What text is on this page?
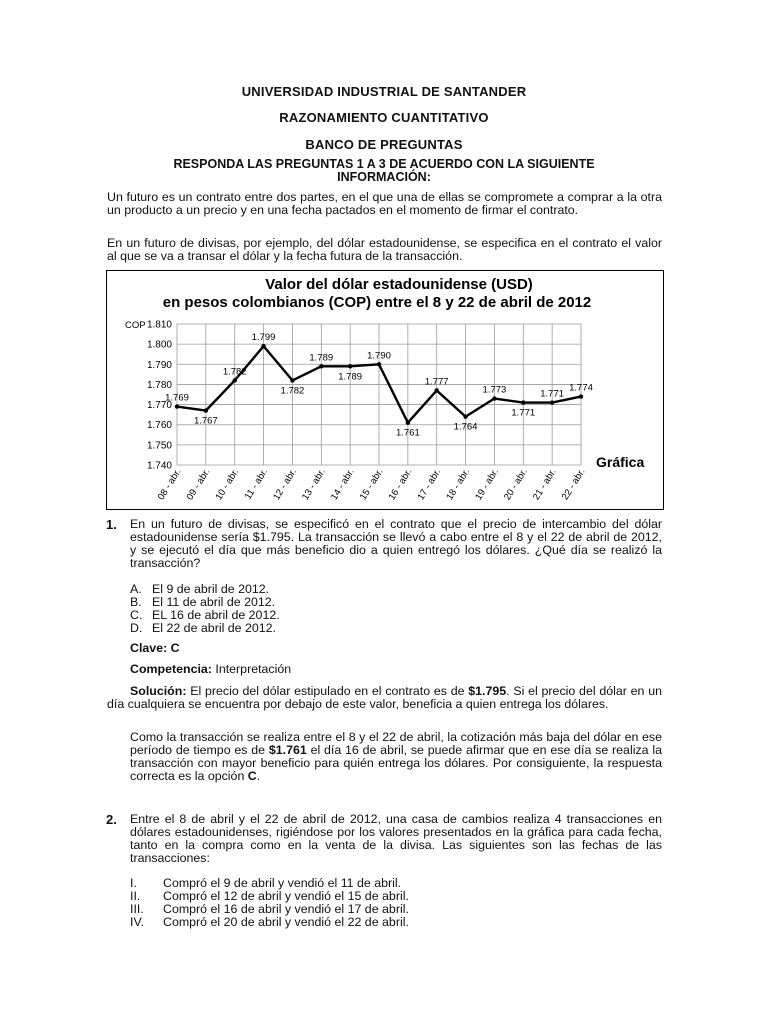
UNIVERSIDAD INDUSTRIAL DE SANTANDER
RAZONAMIENTO CUANTITATIVO
BANCO DE PREGUNTAS
RESPONDA LAS PREGUNTAS 1 A 3 DE ACUERDO CON LA SIGUIENTE INFORMACIÓN:
Un futuro es un contrato entre dos partes, en el que una de ellas se compromete a comprar a la otra un producto a un precio y en una fecha pactados en el momento de firmar el contrato.
En un futuro de divisas, por ejemplo, del dólar estadounidense, se especifica en el contrato el valor al que se va a transar el dólar y la fecha futura de la transacción.
Valor del dólar estadounidense (USD)
en pesos colombianos (COP) entre el 8 y 22 de abril de 2012
COP
Gráfica
1.740
1.750
1.760
1.770
1.780
1.790
1.800
1.810
08 - abr. 09 - abr. 10 - abr. 11 - abr. 12 - abr. 13 - abr. 14 - abr. 15 - abr. 16 - abr. 17 - abr. 18 - abr. 19 - abr. 20 - abr. 21 - abr. 22 - abr.
1.769
1.767
1.782
1.799
1.782
1.789
1.789
1.790
1.761
1.777
1.764
1.773
1.771
1.771
1.774
1. En un futuro de divisas, se especificó en el contrato que el precio de intercambio del dólar estadounidense sería $1.795. La transacción se llevó a cabo entre el 8 y el 22 de abril de 2012, y se ejecutó el día que más beneficio dio a quien entregó los dólares. ¿Qué día se realizó la transacción?
A. El 9 de abril de 2012.
B. El 11 de abril de 2012.
C. EL 16 de abril de 2012.
D. El 22 de abril de 2012.
Clave: C
Competencia: Interpretación
Solución: El precio del dólar estipulado en el contrato es de $1.795. Si el precio del dólar en un día cualquiera se encuentra por debajo de este valor, beneficia a quien entrega los dólares.
Como la transacción se realiza entre el 8 y el 22 de abril, la cotización más baja del dólar en ese período de tiempo es de $1.761 el día 16 de abril, se puede afirmar que en ese día se realiza la transacción con mayor beneficio para quién entrega los dólares. Por consiguiente, la respuesta correcta es la opción C.
2. Entre el 8 de abril y el 22 de abril de 2012, una casa de cambios realiza 4 transacciones en dólares estadounidenses, rigiéndose por los valores presentados en la gráfica para cada fecha, tanto en la compra como en la venta de la divisa. Las siguientes son las fechas de las transacciones:
I.	Compró el 9 de abril y vendió el 11 de abril.
II.	Compró el 12 de abril y vendió el 15 de abril.
III.	Compró el 16 de abril y vendió el 17 de abril.
IV.	Compró el 20 de abril y vendió el 22 de abril.
